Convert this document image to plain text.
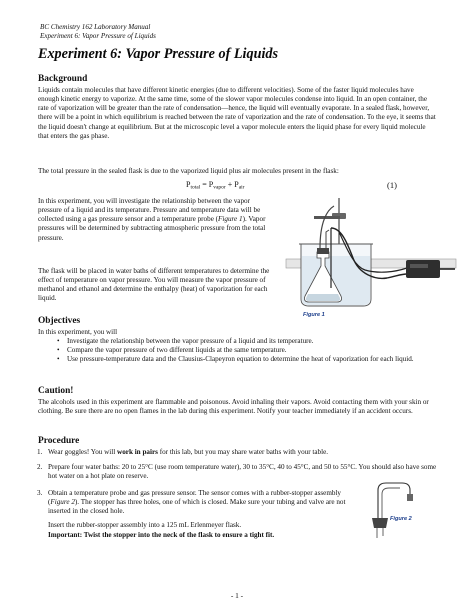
BC Chemistry 162 Laboratory Manual
Experiment 6: Vapor Pressure of Liquids
Experiment 6: Vapor Pressure of Liquids
Background

Liquids contain molecules that have different kinetic energies (due to different velocities). Some of the faster liquid molecules have enough kinetic energy to vaporize. At the same time, some of the slower vapor molecules condense into liquid. In an open container, the rate of vaporization will be greater than the rate of condensation—hence, the liquid will eventually evaporate. In a sealed flask, however, there will be a point in which equilibrium is reached between the rate of vaporization and the rate of condensation. To the eye, it seems that the liquid doesn't change at equilibrium. But at the microscopic level a vapor molecule enters the liquid phase for every liquid molecule that enters the gas phase.

The total pressure in the sealed flask is due to the vaporized liquid plus air molecules present in the flask:

$P_{total} = P_{vapor} + P_{air}$	(1)

In this experiment, you will investigate the relationship between the vapor pressure of a liquid and its temperature. Pressure and temperature data will be collected using a gas pressure sensor and a temperature probe (Figure 1). Vapor pressures will be determined by subtracting atmospheric pressure from the total pressure.

The flask will be placed in water baths of different temperatures to determine the effect of temperature on vapor pressure. You will measure the vapor pressure of methanol and ethanol and determine the enthalpy (heat) of vaporization for each liquid.

Figure 1
Objectives

In this experiment, you will

• Investigate the relationship between the vapor pressure of a liquid and its temperature.
• Compare the vapor pressure of two different liquids at the same temperature.
• Use pressure-temperature data and the Clausius-Clapeyron equation to determine the heat of vaporization for each liquid.
Caution!

The alcohols used in this experiment are flammable and poisonous. Avoid inhaling their vapors. Avoid contacting them with your skin or clothing. Be sure there are no open flames in the lab during this experiment. Notify your teacher immediately if an accident occurs.

Procedure
1. Wear goggles! You will work in pairs for this lab, but you may share water baths with your table.
2. Prepare four water baths: 20 to 25°C (use room temperature water), 30 to 35°C, 40 to 45°C, and 50 to 55°C. You should also have some hot water on a hot plate on reserve.
3. Obtain a temperature probe and gas pressure sensor. The sensor comes with a rubber-stopper assembly (Figure 2). The stopper has three holes, one of which is closed. Make sure your tubing and valve are not inserted in the closed hole.

Insert the rubber-stopper assembly into a 125 mL Erlenmeyer flask.

Important: Twist the stopper into the neck of the flask to ensure a tight fit.

Figure 2
- 1 -
